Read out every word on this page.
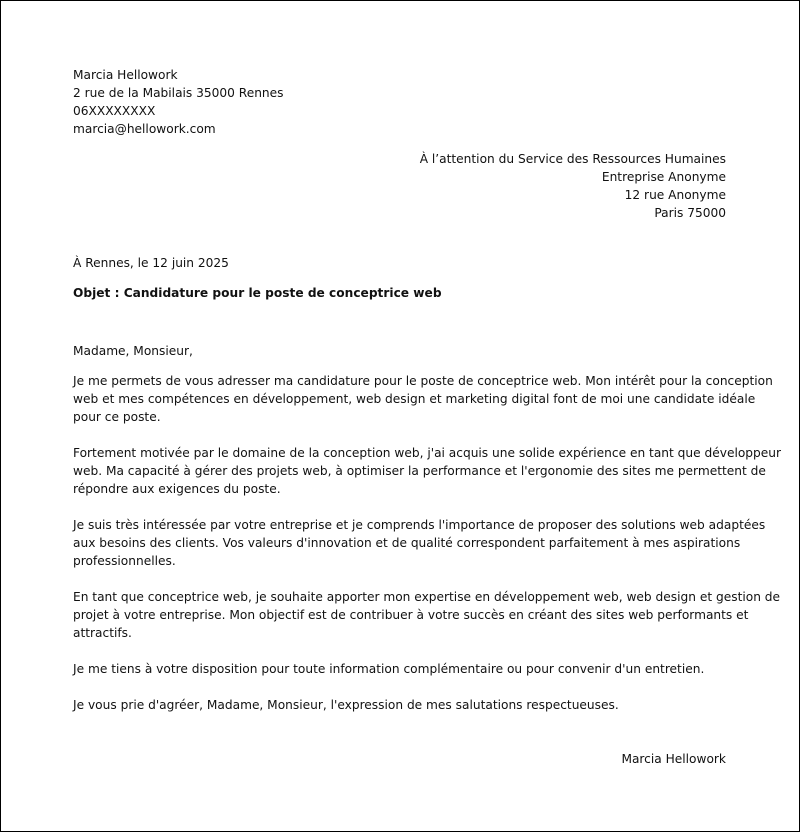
Marcia Hellowork
2 rue de la Mabilais 35000 Rennes
06XXXXXXXX
marcia@hellowork.com
À l’attention du Service des Ressources Humaines
Entreprise Anonyme
12 rue Anonyme
Paris 75000
À Rennes, le 12 juin 2025
Objet : Candidature pour le poste de conceptrice web
Madame, Monsieur,
Je me permets de vous adresser ma candidature pour le poste de conceptrice web. Mon intérêt pour la conception
web et mes compétences en développement, web design et marketing digital font de moi une candidate idéale
pour ce poste.
Fortement motivée par le domaine de la conception web, j'ai acquis une solide expérience en tant que développeur
web. Ma capacité à gérer des projets web, à optimiser la performance et l'ergonomie des sites me permettent de
répondre aux exigences du poste.
Je suis très intéressée par votre entreprise et je comprends l'importance de proposer des solutions web adaptées
aux besoins des clients. Vos valeurs d'innovation et de qualité correspondent parfaitement à mes aspirations
professionnelles.
En tant que conceptrice web, je souhaite apporter mon expertise en développement web, web design et gestion de
projet à votre entreprise. Mon objectif est de contribuer à votre succès en créant des sites web performants et
attractifs.
Je me tiens à votre disposition pour toute information complémentaire ou pour convenir d'un entretien.
Je vous prie d'agréer, Madame, Monsieur, l'expression de mes salutations respectueuses.
Marcia Hellowork
